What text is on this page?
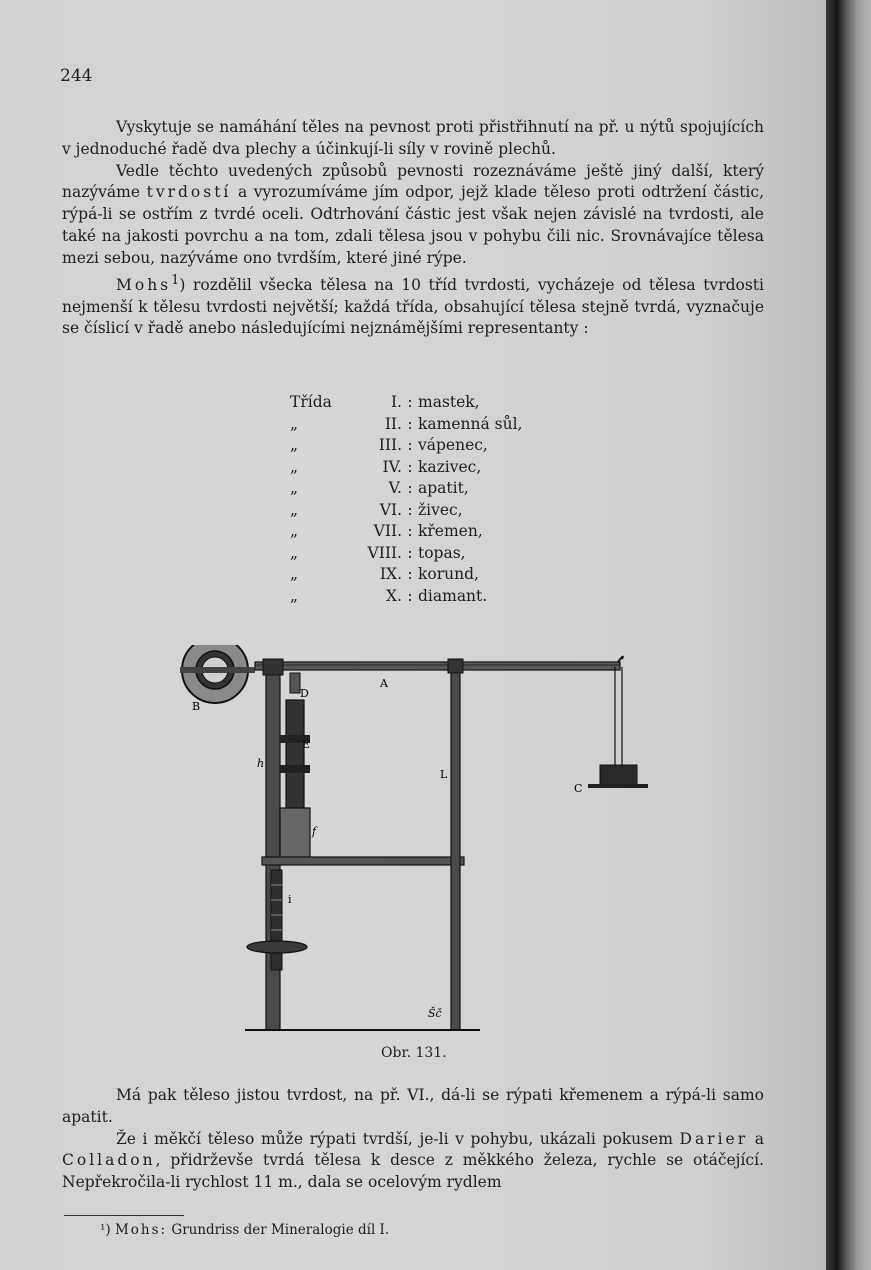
244

Vyskytuje se namáhání těles na pevnost proti přistřihnutí na př. u nýtů spojujících v jednoduché řadě dva plechy a účinkují-li síly v rovině plechů.

Vedle těchto uvedených způsobů pevnosti rozeznáváme ještě jiný další, který nazýváme tvrdostí a vyrozumíváme jím odpor, jejž klade těleso proti odtržení částic, rýpá-li se ostřím z tvrdé oceli. Odtrhování částic jest však nejen závislé na tvrdosti, ale také na jakosti povrchu a na tom, zdali tělesa jsou v pohybu čili nic. Srovnávajíce tělesa mezi sebou, nazýváme ono tvrdším, které jiné rýpe.

Mohs$^1$) rozdělil všecka tělesa na 10 tříd tvrdosti, vycházeje od tělesa tvrdosti nejmenší k tělesu tvrdosti největší; každá třída, obsahující tělesa stejně tvrdá, vyznačuje se číslicí v řadě anebo následujícími nejznámějšími representanty :

Třída	I. : mastek,
„	II. : kamenná sůl,
„	III. : vápenec,
„	IV. : kazivec,
„	V. : apatit,
„	VI. : živec,
„	VII. : křemen,
„	VIII. : topas,
„	IX. : korund,
„	X. : diamant.
A
B
C
D
E
f
h
i
L
Šč
Obr. 131.

Má pak těleso jistou tvrdost, na př. VI., dá-li se rýpati křemenem a rýpá-li samo apatit.

Že i měkčí těleso může rýpati tvrdší, je-li v pohybu, ukázali pokusem Darier a Colladon, přidrževše tvrdá tělesa k desce z měkkého železa, rychle se otáčející. Nepřekročila-li rychlost 11 m., dala se ocelovým rydlem

¹) Mohs: Grundriss der Mineralogie díl I.
